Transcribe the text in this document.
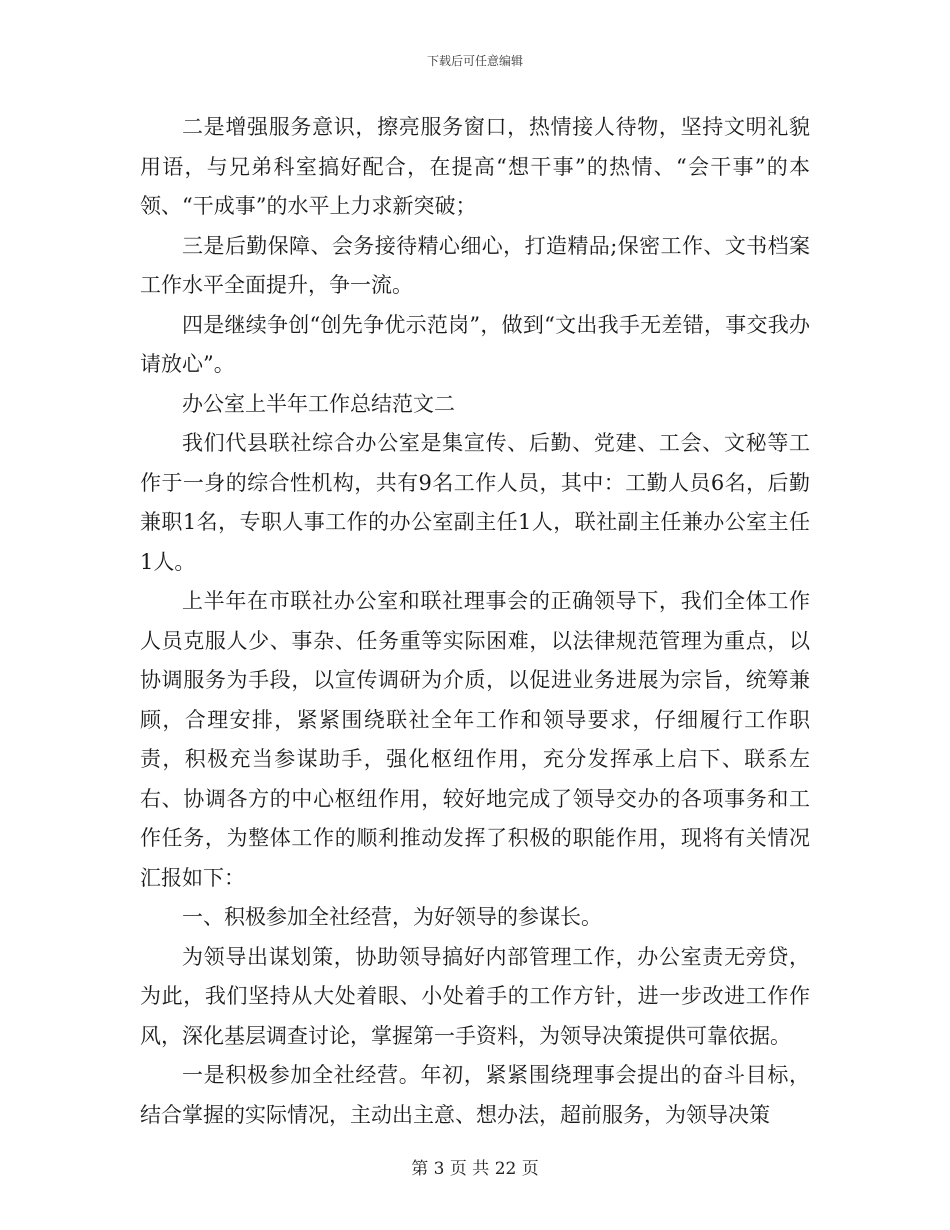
下载后可任意编辑

二是增强服务意识，擦亮服务窗口，热情接人待物，坚持文明礼貌用语，与兄弟科室搞好配合，在提高“想干事”的热情、“会干事”的本领、“干成事”的水平上力求新突破；

三是后勤保障、会务接待精心细心，打造精品;保密工作、文书档案工作水平全面提升，争一流。

四是继续争创“创先争优示范岗”，做到“文出我手无差错，事交我办请放心”。

办公室上半年工作总结范文二

我们代县联社综合办公室是集宣传、后勤、党建、工会、文秘等工作于一身的综合性机构，共有9名工作人员，其中：工勤人员6名，后勤兼职1名，专职人事工作的办公室副主任1人，联社副主任兼办公室主任1人。

上半年在市联社办公室和联社理事会的正确领导下，我们全体工作人员克服人少、事杂、任务重等实际困难，以法律规范管理为重点，以协调服务为手段，以宣传调研为介质，以促进业务进展为宗旨，统筹兼顾，合理安排，紧紧围绕联社全年工作和领导要求，仔细履行工作职责，积极充当参谋助手，强化枢纽作用，充分发挥承上启下、联系左右、协调各方的中心枢纽作用，较好地完成了领导交办的各项事务和工作任务，为整体工作的顺利推动发挥了积极的职能作用，现将有关情况汇报如下：

一、积极参加全社经营，为好领导的参谋长。

为领导出谋划策，协助领导搞好内部管理工作，办公室责无旁贷，为此，我们坚持从大处着眼、小处着手的工作方针，进一步改进工作作风，深化基层调查讨论，掌握第一手资料，为领导决策提供可靠依据。

一是积极参加全社经营。年初，紧紧围绕理事会提出的奋斗目标，结合掌握的实际情况，主动出主意、想办法，超前服务，为领导决策

第 3 页 共 22 页
